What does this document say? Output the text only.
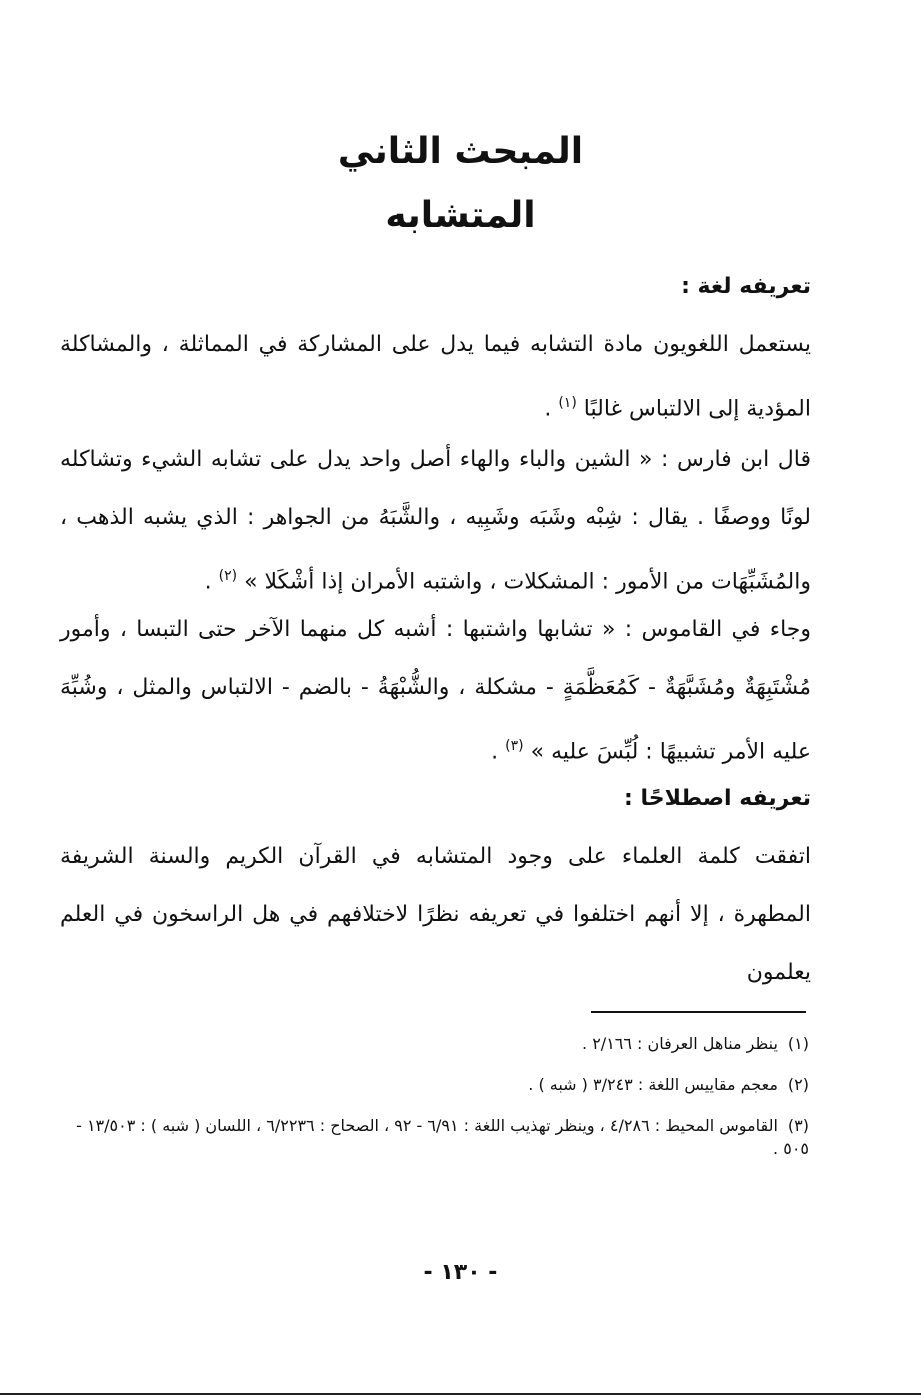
المبحث الثاني
المتشابه
تعريفه لغة :

يستعمل اللغويون مادة التشابه فيما يدل على المشاركة في المماثلة ، والمشاكلة المؤدية إلى الالتباس غالبًا $^{(١)}$ .

قال ابن فارس : « الشين والباء والهاء أصل واحد يدل على تشابه الشيء وتشاكله لونًا ووصفًا . يقال : شِبْه وشَبَه وشَبِيه ، والشَّبَهُ من الجواهر : الذي يشبه الذهب ، والمُشَبِّهَات من الأمور : المشكلات ، واشتبه الأمران إذا أشْكَلا » $^{(٢)}$ .

وجاء في القاموس : « تشابها واشتبها : أشبه كل منهما الآخر حتى التبسا ، وأمور مُشْتَبِهَةٌ ومُشَبَّهَةٌ - كَمُعَظَّمَةٍ - مشكلة ، والشُّبْهَةُ - بالضم - الالتباس والمثل ، وشُبِّهَ عليه الأمر تشبيهًا : لُبِّسَ عليه » $^{(٣)}$ .

تعريفه اصطلاحًا :

اتفقت كلمة العلماء على وجود المتشابه في القرآن الكريم والسنة الشريفة المطهرة ، إلا أنهم اختلفوا في تعريفه نظرًا لاختلافهم في هل الراسخون في العلم يعلمون

(١)ينظر مناهل العرفان : ٢/١٦٦ .
(٢)معجم مقاييس اللغة : ٣/٢٤٣ ( شبه ) .
(٣)القاموس المحيط : ٤/٢٨٦ ، وينظر تهذيب اللغة : ٦/٩١ - ٩٢ ، الصحاح : ٦/٢٢٣٦ ، اللسان ( شبه ) : ١٣/٥٠٣ - ٥٠٥ .

- ١٣٠ -
